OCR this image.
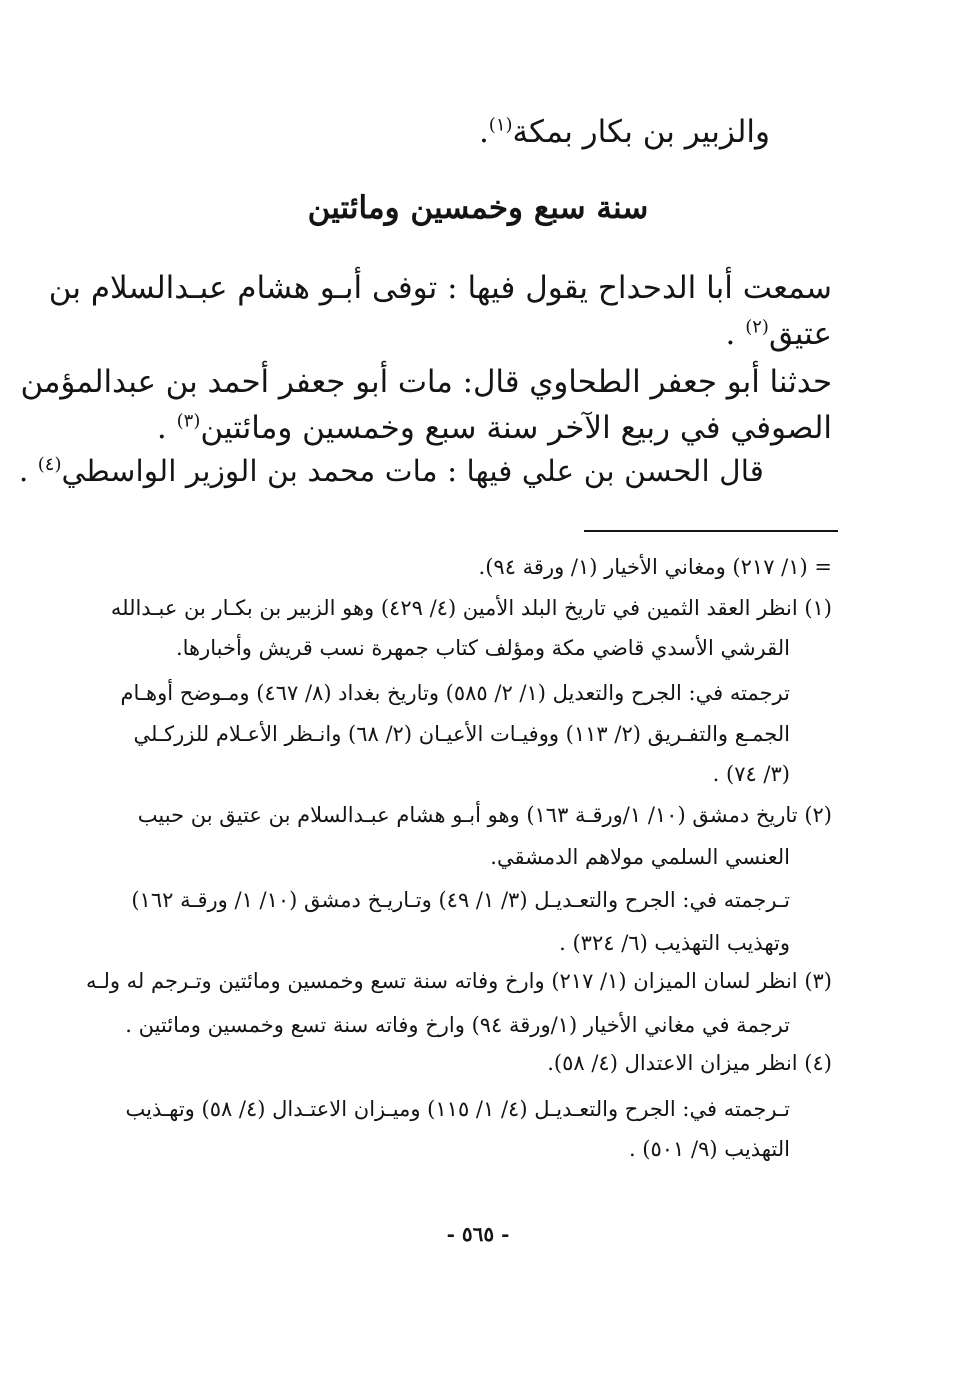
والزبير بن بكار بمكة$^{(١)}$.
سنة سبع وخمسين ومائتين
سمعت أبا الدحداح يقول فيها : توفى أبـو هشام عبـدالسلام بن
عتيق$^{(٢)}$ .
حدثنا أبو جعفر الطحاوي قال: مات أبو جعفر أحمد بن عبدالمؤمن
الصوفي في ربيع الآخر سنة سبع وخمسين ومائتين$^{(٣)}$ .
قال الحسن بن علي فيها : مات محمد بن الوزير الواسطي$^{(٤)}$ .
= (١/ ٢١٧) ومغاني الأخيار (١/ ورقة ٩٤).
(١) انظر العقد الثمين في تاريخ البلد الأمين (٤/ ٤٢٩) وهو الزبير بن بكـار بن عبـدالله
القرشي الأسدي قاضي مكة ومؤلف كتاب جمهرة نسب قريش وأخبارها.
ترجمته في: الجرح والتعديل (١/ ٢/ ٥٨٥) وتاريخ بغداد (٨/ ٤٦٧) ومـوضح أوهـام
الجمـع والتفـريق (٢/ ١١٣) ووفيـات الأعيـان (٢/ ٦٨) وانـظر الأعـلام للزركـلي
(٣/ ٧٤) .
(٢) تاريخ دمشق (١٠/ ١/ورقـة ١٦٣) وهو أبـو هشام عبـدالسلام بن عتيق بن حبيب
العنسي السلمي مولاهم الدمشقي.
تـرجمته في: الجرح والتعـديـل (٣/ ١/ ٤٩) وتـاريـخ دمشق (١٠/ ١/ ورقـة ١٦٢)
وتهذيب التهذيب (٦/ ٣٢٤) .
(٣) انظر لسان الميزان (١/ ٢١٧) وارخ وفاته سنة تسع وخمسين ومائتين وتـرجم له ولـه
ترجمة في مغاني الأخيار (١/ورقة ٩٤) وارخ وفاته سنة تسع وخمسين ومائتين .
(٤) انظر ميزان الاعتدال (٤/ ٥٨).
تـرجمته في: الجرح والتعـديـل (٤/ ١/ ١١٥) وميـزان الاعتـدال (٤/ ٥٨) وتهـذيب
التهذيب (٩/ ٥٠١) .
- ٥٦٥ -
